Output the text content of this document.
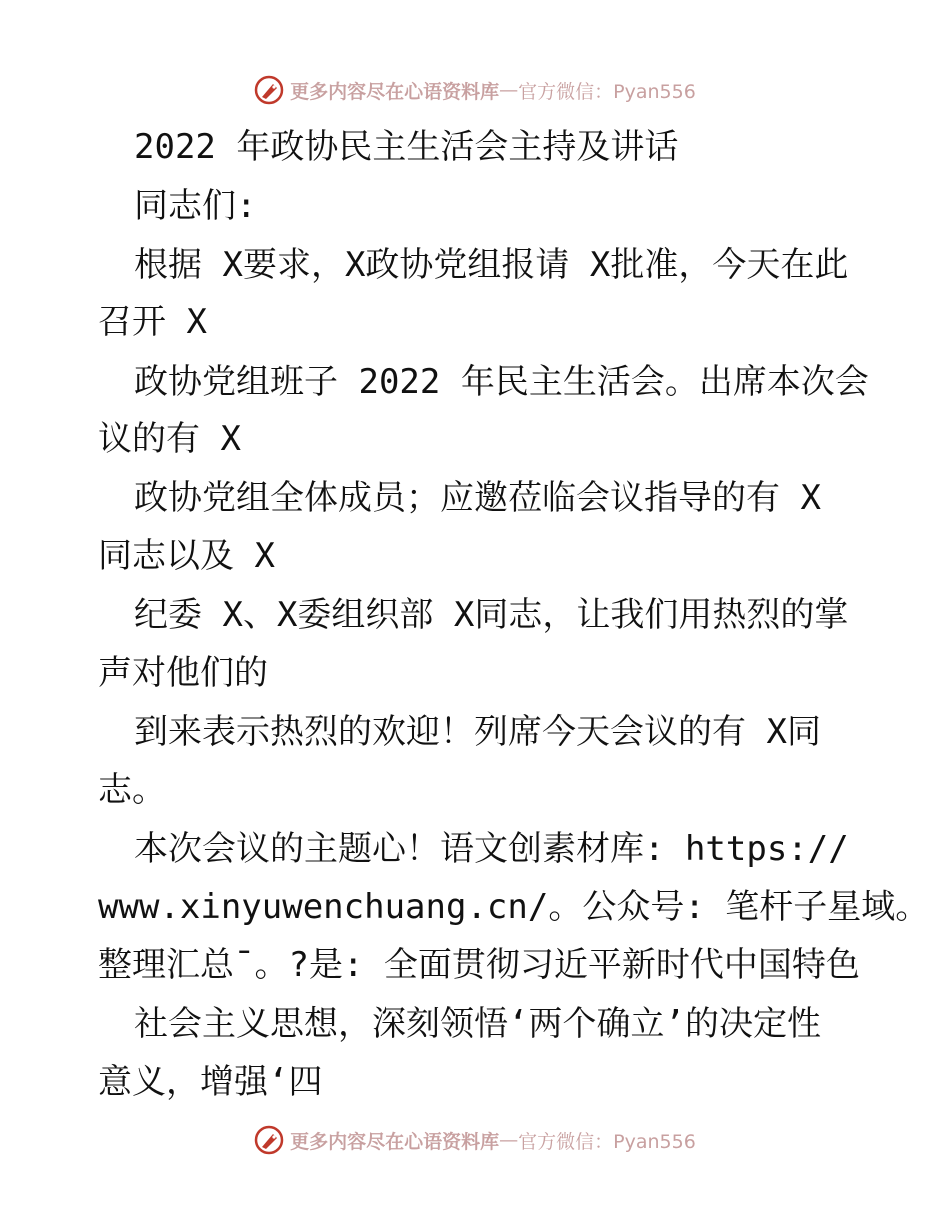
更多内容尽在心语资料库 — 官方微信：Pyan556
2022 年政协民主生活会主持及讲话
同志们:
根据 X要求，X政协党组报请 X批准，今天在此
召开 X
政协党组班子 2022 年民主生活会。出席本次会
议的有 X
政协党组全体成员；应邀莅临会议指导的有 X
同志以及 X
纪委 X、X委组织部 X同志，让我们用热烈的掌
声对他们的
到来表示热烈的欢迎！列席今天会议的有 X同
志。
本次会议的主题心！语文创素材库: https://
www.xinyuwenchuang.cn/。公众号: 笔杆子星域。
整理汇总¯。?是: 全面贯彻习近平新时代中国特色
社会主义思想，深刻领悟‘两个确立’的决定性
意义，增强‘四
更多内容尽在心语资料库 — 官方微信：Pyan556
